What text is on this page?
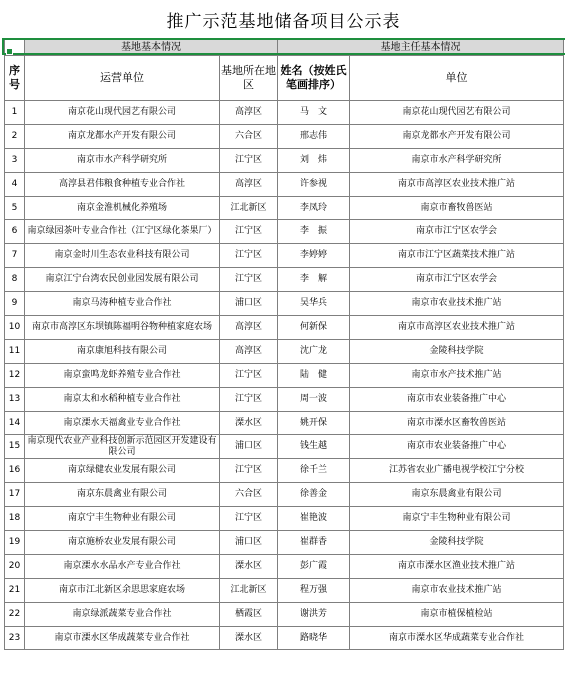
推广示范基地储备项目公示表
	基地基本情况		基地主任基本情况	
序号	运营单位	基地所在地区	姓名（按姓氏笔画排序）	单位
1	南京花山现代园艺有限公司	高淳区	马　文	南京花山现代园艺有限公司
2	南京龙都水产开发有限公司	六合区	邢志伟	南京龙都水产开发有限公司
3	南京市水产科学研究所	江宁区	刘　炜	南京市水产科学研究所
4	高淳县君伟粮食种植专业合作社	高淳区	许参视	南京市高淳区农业技术推广站
5	南京金淮机械化养殖场	江北新区	李凤玲	南京市畜牧兽医站
6	南京绿园茶叶专业合作社（江宁区绿化茶果厂）	江宁区	李　振	南京市江宁区农学会
7	南京金时川生态农业科技有限公司	江宁区	李婷婷	南京市江宁区蔬菜技术推广站
8	南京江宁台湾农民创业园发展有限公司	江宁区	李　解	南京市江宁区农学会
9	南京马涛种植专业合作社	浦口区	吴华兵	南京市农业技术推广站
10	南京市高淳区东坝镇陈福明谷物种植家庭农场	高淳区	何新保	南京市高淳区农业技术推广站
11	南京康旭科技有限公司	高淳区	沈广龙	金陵科技学院
12	南京蛮鸣龙虾养殖专业合作社	江宁区	陆　健	南京市水产技术推广站
13	南京太和水稻种植专业合作社	江宁区	周一波	南京市农业装备推广中心
14	南京溧水天福禽业专业合作社	溧水区	姚开保	南京市溧水区畜牧兽医站
15	南京现代农业产业科技创新示范园区开发建设有限公司	浦口区	钱生越	南京市农业装备推广中心
16	南京绿健农业发展有限公司	江宁区	徐千兰	江苏省农业广播电视学校江宁分校
17	南京东晨禽业有限公司	六合区	徐善金	南京东晨禽业有限公司
18	南京宁丰生物种业有限公司	江宁区	崔艳波	南京宁丰生物种业有限公司
19	南京施桥农业发展有限公司	浦口区	崔群香	金陵科技学院
20	南京溧水水品水产专业合作社	溧水区	彭广霞	南京市溧水区渔业技术推广站
21	南京市江北新区余思思家庭农场	江北新区	程万强	南京市农业技术推广站
22	南京绿派蔬菜专业合作社	栖霞区	谢洪芳	南京市植保植检站
23	南京市溧水区华成蔬菜专业合作社	溧水区	路晓华	南京市溧水区华成蔬菜专业合作社
